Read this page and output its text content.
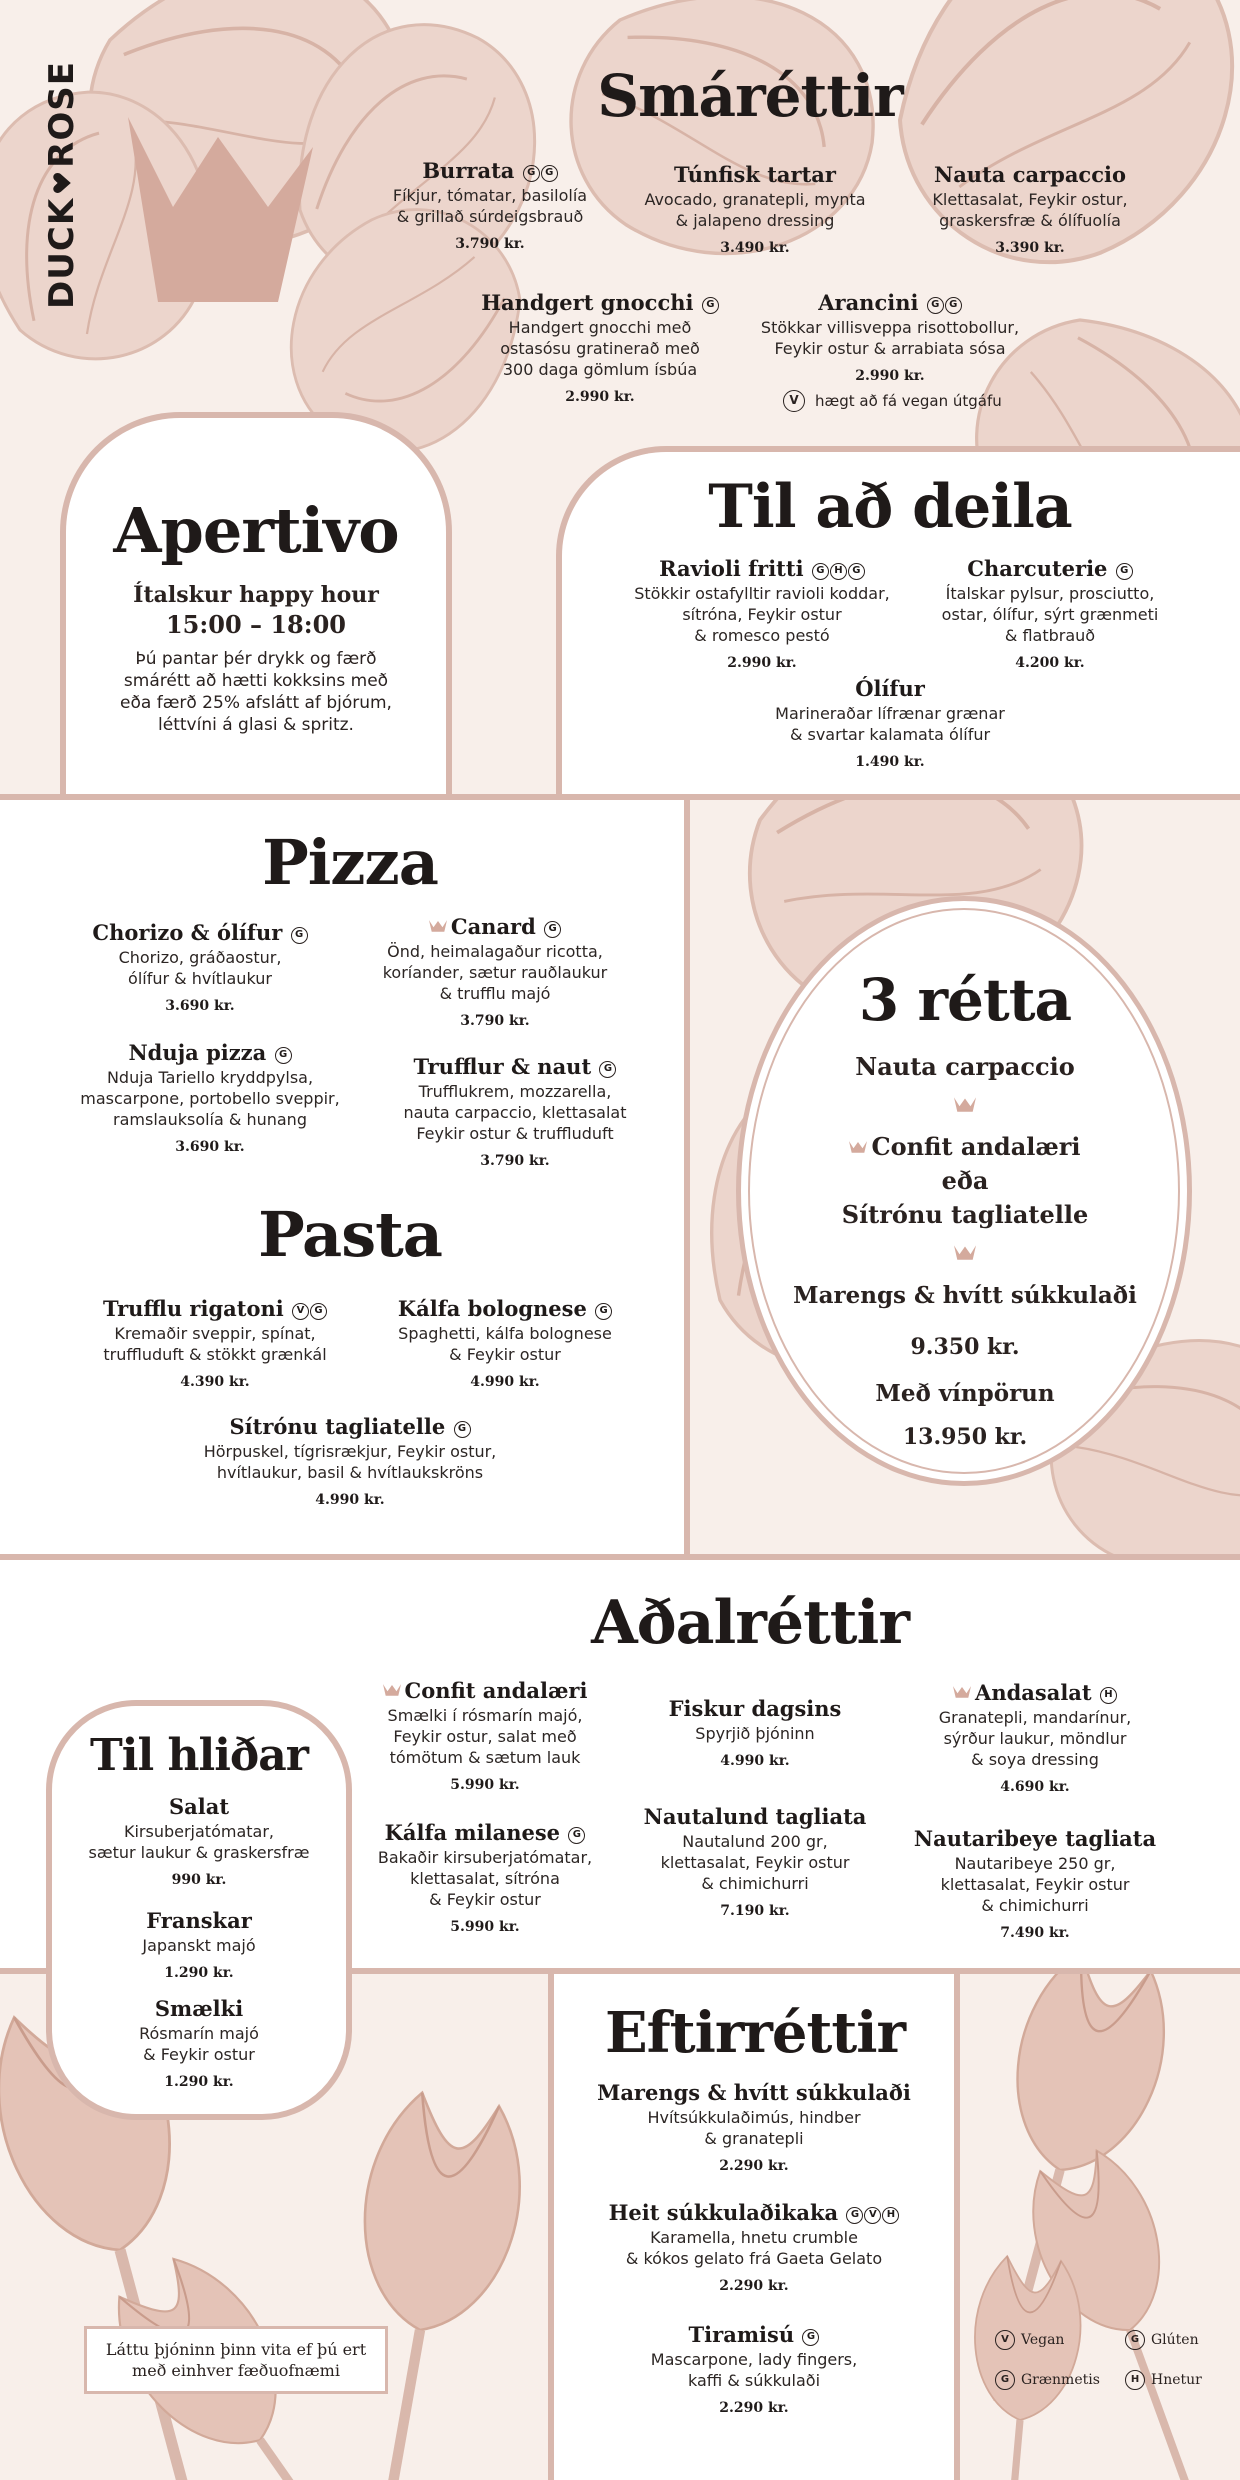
DUCK
ROSE	Smáréttir
Burrata G G
Fíkjur, tómatar, basilolía
& grillað súrdeigsbrauð
3.790 kr.
Túnfisk tartar
Avocado, granatepli, mynta
& jalapeno dressing
3.490 kr.
Nauta carpaccio
Klettasalat, Feykir ostur,
graskersfræ & ólífuolía
3.390 kr.
Handgert gnocchi G
Handgert gnocchi með
ostasósu gratinerað með
300 daga gömlum ísbúa
2.990 kr.
Arancini G G
Stökkar villisveppa risottobollur,
Feykir ostur & arrabiata sósa
2.990 kr.
V	hægt að fá vegan útgáfu
Apertivo
Ítalskur happy hour
15:00 – 18:00
Þú pantar þér drykk og færð
smárétt að hætti kokksins með
eða færð 25% afslátt af bjórum,
léttvíni á glasi & spritz.
Til að deila
Ravioli fritti G H G
Stökkir ostafylltir ravioli koddar,
sítróna, Feykir ostur
& romesco pestó
2.990 kr.
Charcuterie G
Ítalskar pylsur, prosciutto,
ostar, ólífur, sýrt grænmeti
& flatbrauð
4.200 kr.
Ólífur
Marineraðar lífrænar grænar
& svartar kalamata ólífur
1.490 kr.
Pizza
Chorizo & ólífur G
Chorizo, gráðaostur,
ólífur & hvítlaukur
3.690 kr.
Canard G
Önd, heimalagaður ricotta,
koríander, sætur rauðlaukur
& trufflu majó
3.790 kr.
Nduja pizza G
Nduja Tariello kryddpylsa,
mascarpone, portobello sveppir,
ramslauksolía & hunang
3.690 kr.
Trufflur & naut G
Trufflukrem, mozzarella,
nauta carpaccio, klettasalat
Feykir ostur & truffluduft
3.790 kr.
Pasta
Trufflu rigatoni V G
Kremaðir sveppir, spínat,
truffluduft & stökkt grænkál
4.390 kr.
Kálfa bolognese G
Spaghetti, kálfa bolognese
& Feykir ostur
4.990 kr.
Sítrónu tagliatelle G
Hörpuskel, tígrisrækjur, Feykir ostur,
hvítlaukur, basil & hvítlaukskröns
4.990 kr.
3 rétta
Nauta carpaccio
Confit andalæri
eða
Sítrónu tagliatelle
Marengs & hvítt súkkulaði
9.350 kr.
Með vínpörun
13.950 kr.
Aðalréttir
Confit andalæri
Smælki í rósmarín majó,
Feykir ostur, salat með
tómötum & sætum lauk
5.990 kr.
Fiskur dagsins
Spyrjið þjóninn
4.990 kr.
Andasalat H
Granatepli, mandarínur,
sýrður laukur, möndlur
& soya dressing
4.690 kr.
Kálfa milanese G
Bakaðir kirsuberjatómatar,
klettasalat, sítróna
& Feykir ostur
5.990 kr.
Nautalund tagliata
Nautalund 200 gr,
klettasalat, Feykir ostur
& chimichurri
7.190 kr.
Nautaribeye tagliata
Nautaribeye 250 gr,
klettasalat, Feykir ostur
& chimichurri
7.490 kr.
Eftirréttir
Marengs & hvítt súkkulaði
Hvítsúkkulaðimús, hindber
& granatepli
2.290 kr.
Heit súkkulaðikaka G V H
Karamella, hnetu crumble
& kókos gelato frá Gaeta Gelato
2.290 kr.
Tiramisú G
Mascarpone, lady fingers,
kaffi & súkkulaði
2.290 kr.
Til hliðar
Salat
Kirsuberjatómatar,
sætur laukur & graskersfræ
990 kr.
Franskar
Japanskt majó
1.290 kr.
Smælki
Rósmarín majó
& Feykir ostur
1.290 kr.
Láttu þjóninn þinn vita ef þú ert
með einhver fæðuofnæmi
V Vegan	G Glúten
G Grænmetis	H Hnetur
